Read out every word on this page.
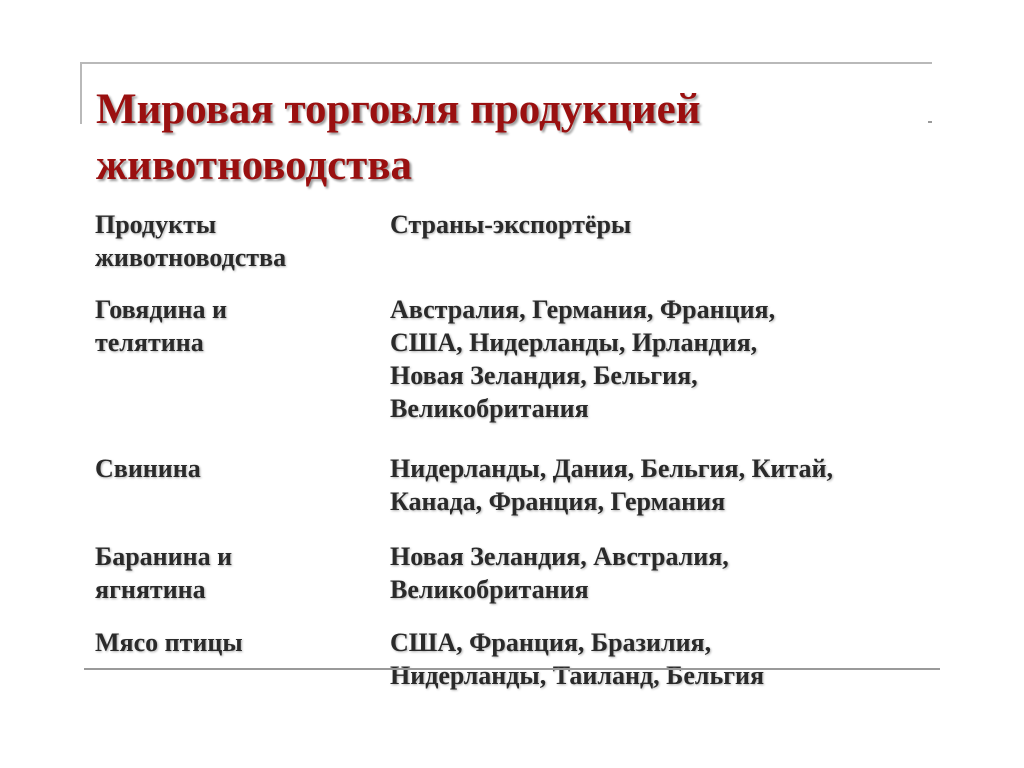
Мировая торговля продукцией животноводства
Продукты
животноводства
Страны-экспортёры
Говядина и
телятина
Австралия, Германия, Франция,
США, Нидерланды, Ирландия,
Новая Зеландия, Бельгия,
Великобритания
Свинина	Нидерланды, Дания, Бельгия, Китай,
Канада, Франция, Германия
Баранина и
ягнятина
Новая Зеландия, Австралия,
Великобритания
Мясо птицы	США, Франция, Бразилия,
Нидерланды, Таиланд, Бельгия
